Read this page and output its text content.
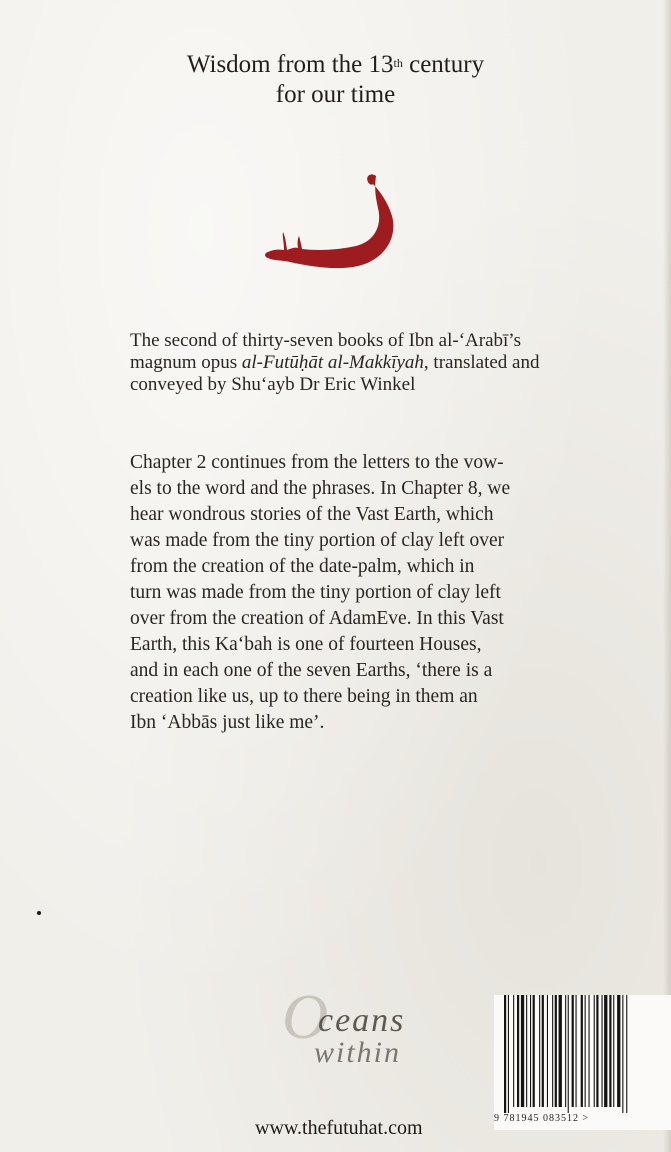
Wisdom from the 13th century
for our time
The second of thirty-seven books of Ibn al-‘Arabī’s magnum opus al-Futūḥāt al-Makkīyah, translated and conveyed by Shu‘ayb Dr Eric Winkel
Chapter 2 continues from the letters to the vow-
els to the word and the phrases. In Chapter 8, we
hear wondrous stories of the Vast Earth, which
was made from the tiny portion of clay left over
from the creation of the date-palm, which in
turn was made from the tiny portion of clay left
over from the creation of AdamEve. In this Vast
Earth, this Ka‘bah is one of fourteen Houses,
and in each one of the seven Earths, ‘there is a
creation like us, up to there being in them an
Ibn ‘Abbās just like me’.
O
ceans
within
www.thefutuhat.com	9 781945 083512 >
